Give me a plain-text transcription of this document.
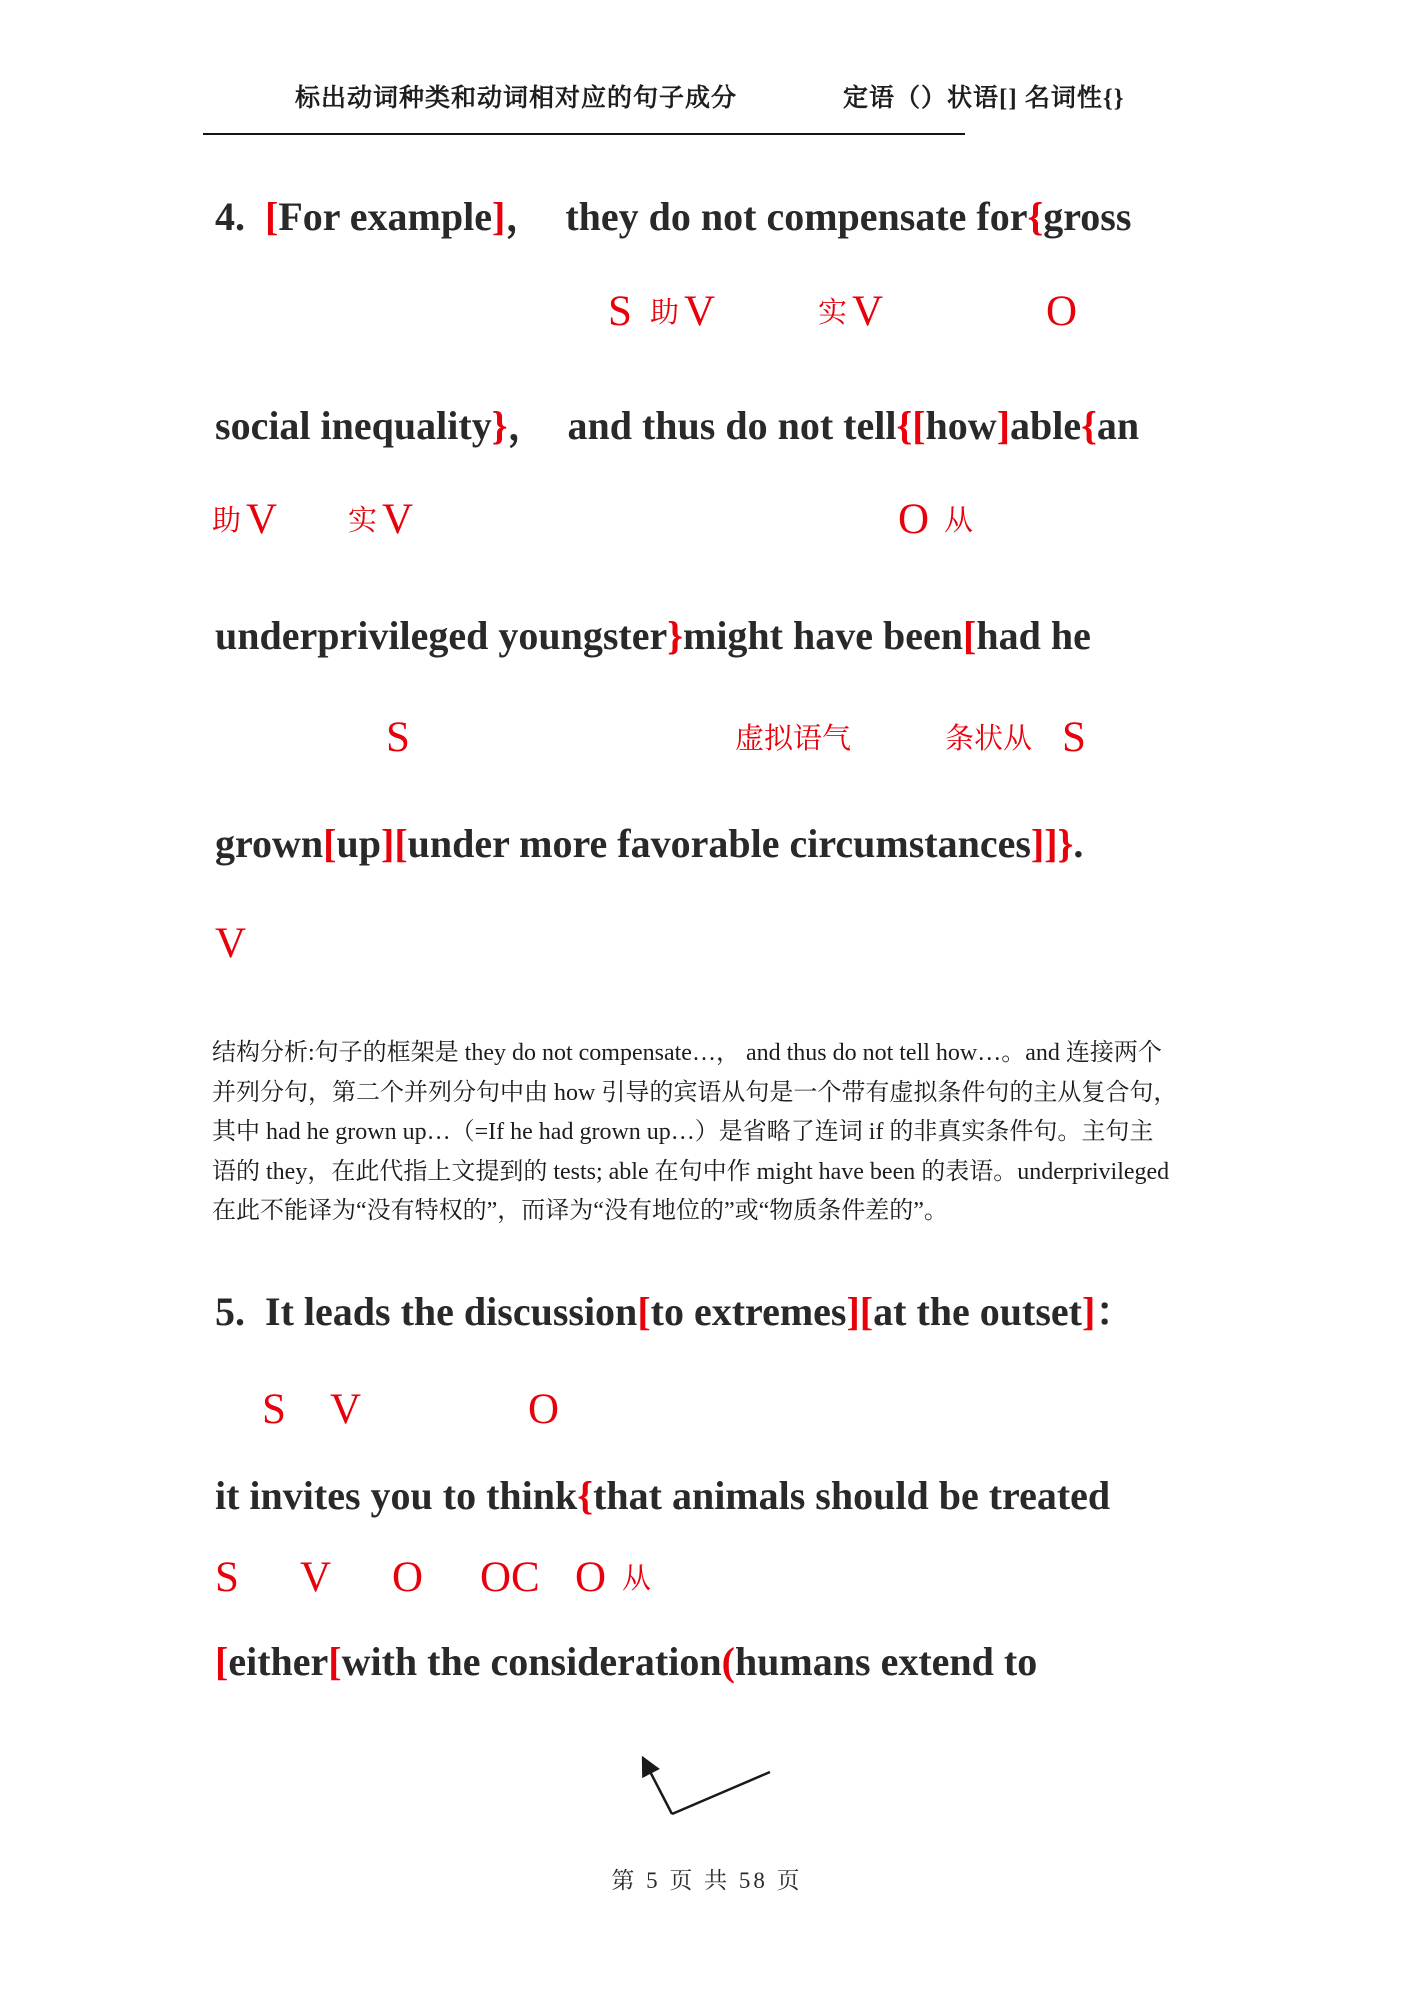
标出动词种类和动词相对应的句子成分	定语（）状语[] 名词性{}
4.  [For example]，  they do not compensate for{gross
S 助 V	实 V	O
social inequality}，  and thus do not tell{[how]able{an
助 V 实 V	O 从
underprivileged youngster}might have been[had he
S	虚拟语气	条状从 S
grown[up][under more favorable circumstances]]}.
V
结构分析:句子的框架是 they do not compensate…， and thus do not tell how…。and 连接两个
并列分句，第二个并列分句中由 how 引导的宾语从句是一个带有虚拟条件句的主从复合句，
其中 had he grown up…（=If he had grown up…）是省略了连词 if 的非真实条件句。主句主
语的 they，在此代指上文提到的 tests; able 在句中作 might have been 的表语。underprivileged
在此不能译为“没有特权的”，而译为“没有地位的”或“物质条件差的”。
5.  It leads the discussion[to extremes][at the outset]：
S V	O
it invites you to think{that animals should be treated
S V O OC O 从
[either[with the consideration(humans extend to
第 5 页 共 58 页
